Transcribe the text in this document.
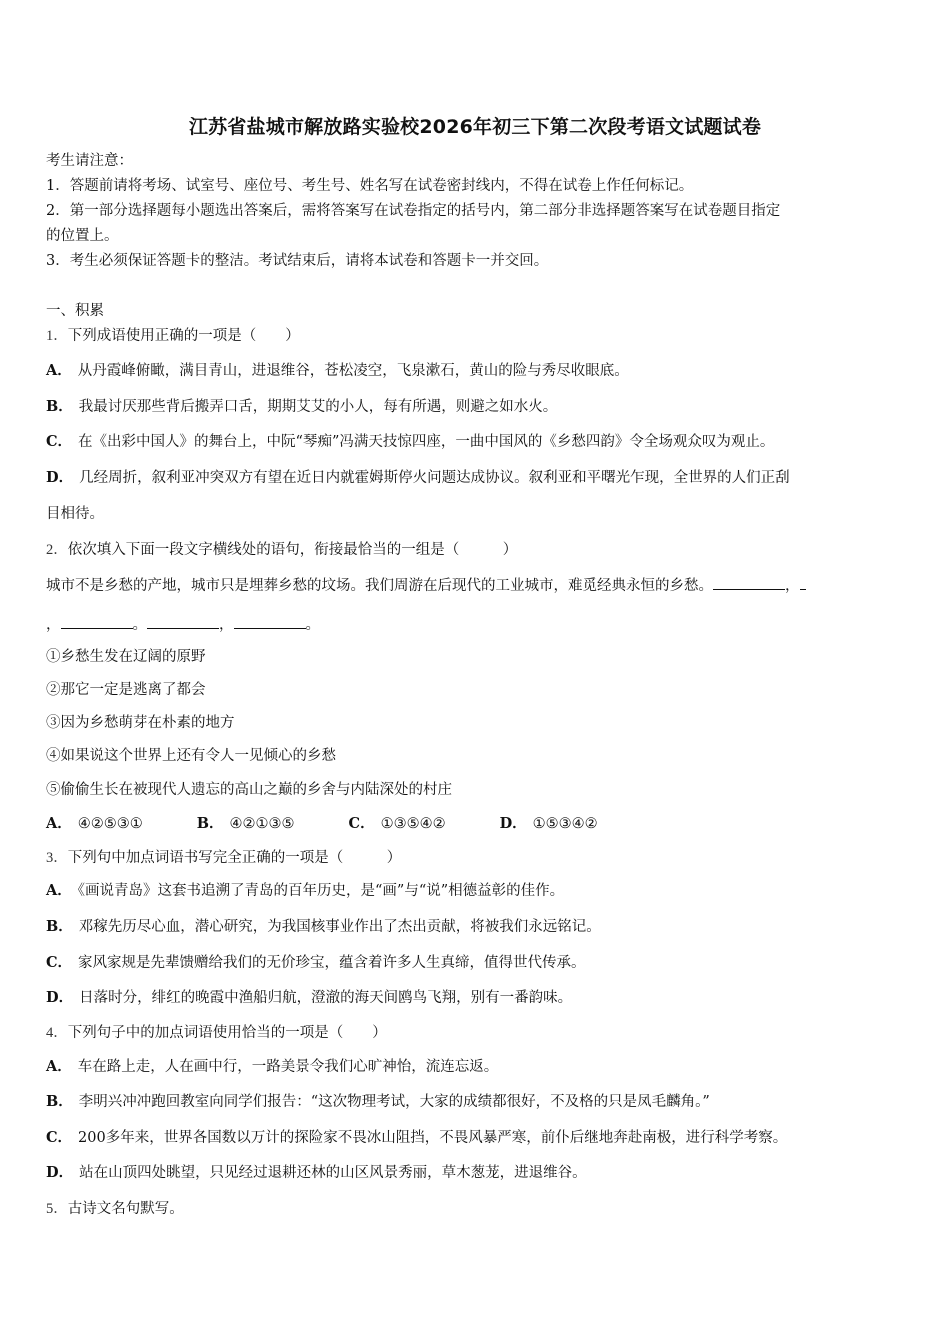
江苏省盐城市解放路实验校2026年初三下第二次段考语文试题试卷
考生请注意：
1．答题前请将考场、试室号、座位号、考生号、姓名写在试卷密封线内，不得在试卷上作任何标记。
2．第一部分选择题每小题选出答案后，需将答案写在试卷指定的括号内，第二部分非选择题答案写在试卷题目指定
的位置上。
3．考生必须保证答题卡的整洁。考试结束后，请将本试卷和答题卡一并交回。
一、积累
1．下列成语使用正确的一项是（　　）
A． 从丹霞峰俯瞰，满目青山，进退维谷，苍松凌空，飞泉漱石，黄山的险与秀尽收眼底。
B． 我最讨厌那些背后搬弄口舌，期期艾艾的小人，每有所遇，则避之如水火。
C． 在《出彩中国人》的舞台上，中阮“琴痴”冯满天技惊四座，一曲中国风的《乡愁四韵》令全场观众叹为观止。
D． 几经周折，叙利亚冲突双方有望在近日内就霍姆斯停火问题达成协议。叙利亚和平曙光乍现，全世界的人们正刮
目相待。
2．依次填入下面一段文字横线处的语句，衔接最恰当的一组是（　　　）
城市不是乡愁的产地，城市只是埋葬乡愁的坟场。我们周游在后现代的工业城市，难觅经典永恒的乡愁。	，
，	。	，	。
①乡愁生发在辽阔的原野
②那它一定是逃离了都会
③因为乡愁萌芽在朴素的地方
④如果说这个世界上还有令人一见倾心的乡愁
⑤偷偷生长在被现代人遗忘的高山之巅的乡舍与内陆深处的村庄
A． ④②⑤③①	B． ④②①③⑤	C． ①③⑤④②	D． ①⑤③④②
3．下列句中加点词语书写完全正确的一项是（　　　）
A． 《画说青岛》这套书追溯了青岛的百年历史，是“画”与“说”相德益彰的佳作。
B． 邓稼先历尽心血，潜心研究，为我国核事业作出了杰出贡献，将被我们永远铭记。
C． 家风家规是先辈馈赠给我们的无价珍宝，蕴含着许多人生真缔，值得世代传承。
D． 日落时分，绯红的晚霞中渔船归航，澄澈的海天间鸥鸟飞翔，别有一番韵味。
4．下列句子中的加点词语使用恰当的一项是（　　）
A． 车在路上走，人在画中行，一路美景令我们心旷神怡，流连忘返。
B． 李明兴冲冲跑回教室向同学们报告：“这次物理考试，大家的成绩都很好，不及格的只是凤毛麟角。”
C． 200多年来，世界各国数以万计的探险家不畏冰山阻挡，不畏风暴严寒，前仆后继地奔赴南极，进行科学考察。
D． 站在山顶四处眺望，只见经过退耕还林的山区风景秀丽，草木葱茏，进退维谷。
5．古诗文名句默写。
